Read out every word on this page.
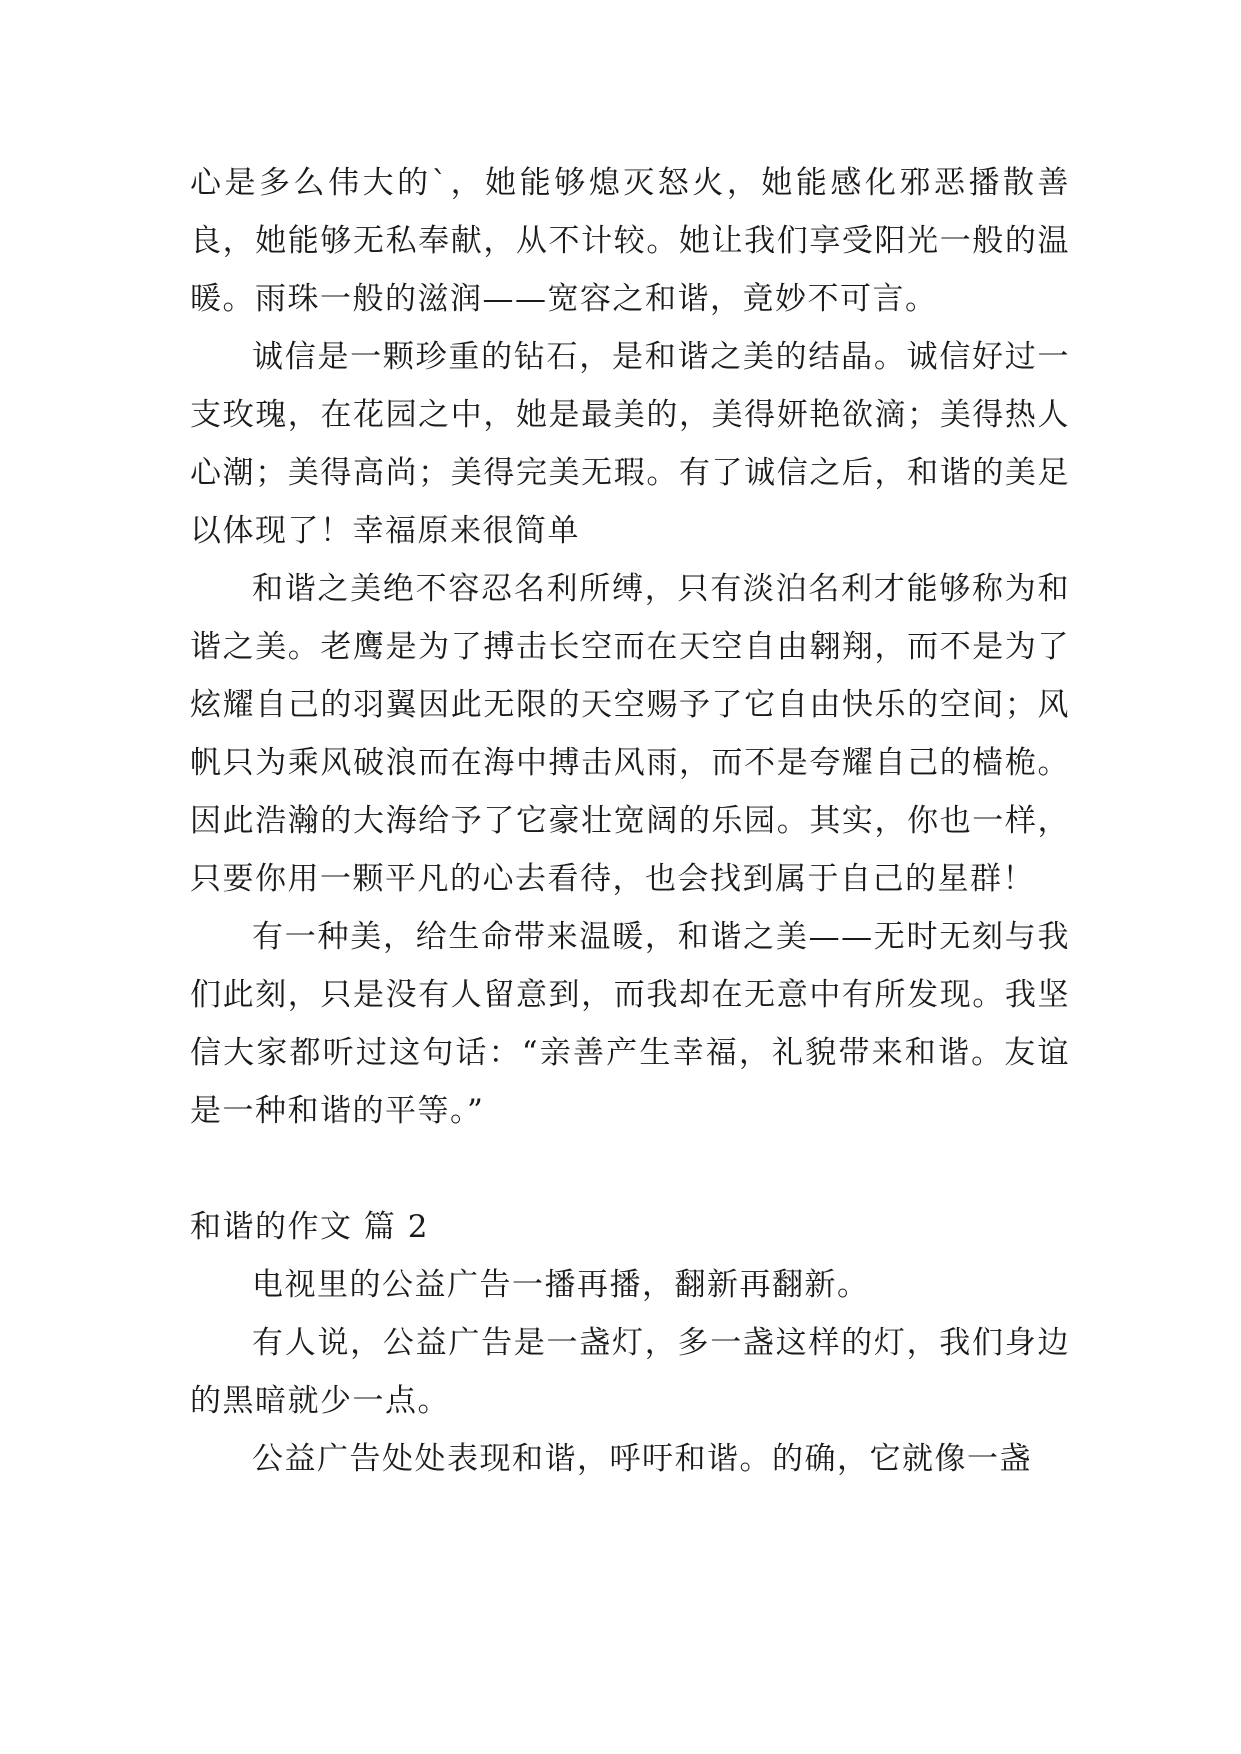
心是多么伟大的`，她能够熄灭怒火，她能感化邪恶播散善良，她能够无私奉献，从不计较。她让我们享受阳光一般的温暖。雨珠一般的滋润——宽容之和谐，竟妙不可言。

诚信是一颗珍重的钻石，是和谐之美的结晶。诚信好过一支玫瑰，在花园之中，她是最美的，美得妍艳欲滴；美得热人心潮；美得高尚；美得完美无瑕。有了诚信之后，和谐的美足以体现了！幸福原来很简单

和谐之美绝不容忍名利所缚，只有淡泊名利才能够称为和谐之美。老鹰是为了搏击长空而在天空自由翱翔，而不是为了炫耀自己的羽翼因此无限的天空赐予了它自由快乐的空间；风帆只为乘风破浪而在海中搏击风雨，而不是夸耀自己的樯桅。因此浩瀚的大海给予了它豪壮宽阔的乐园。其实，你也一样，只要你用一颗平凡的心去看待，也会找到属于自己的星群！

有一种美，给生命带来温暖，和谐之美——无时无刻与我们此刻，只是没有人留意到，而我却在无意中有所发现。我坚信大家都听过这句话：“亲善产生幸福，礼貌带来和谐。友谊是一种和谐的平等。”

和谐的作文 篇 2

电视里的公益广告一播再播，翻新再翻新。

有人说，公益广告是一盏灯，多一盏这样的灯，我们身边的黑暗就少一点。

公益广告处处表现和谐，呼吁和谐。的确，它就像一盏
